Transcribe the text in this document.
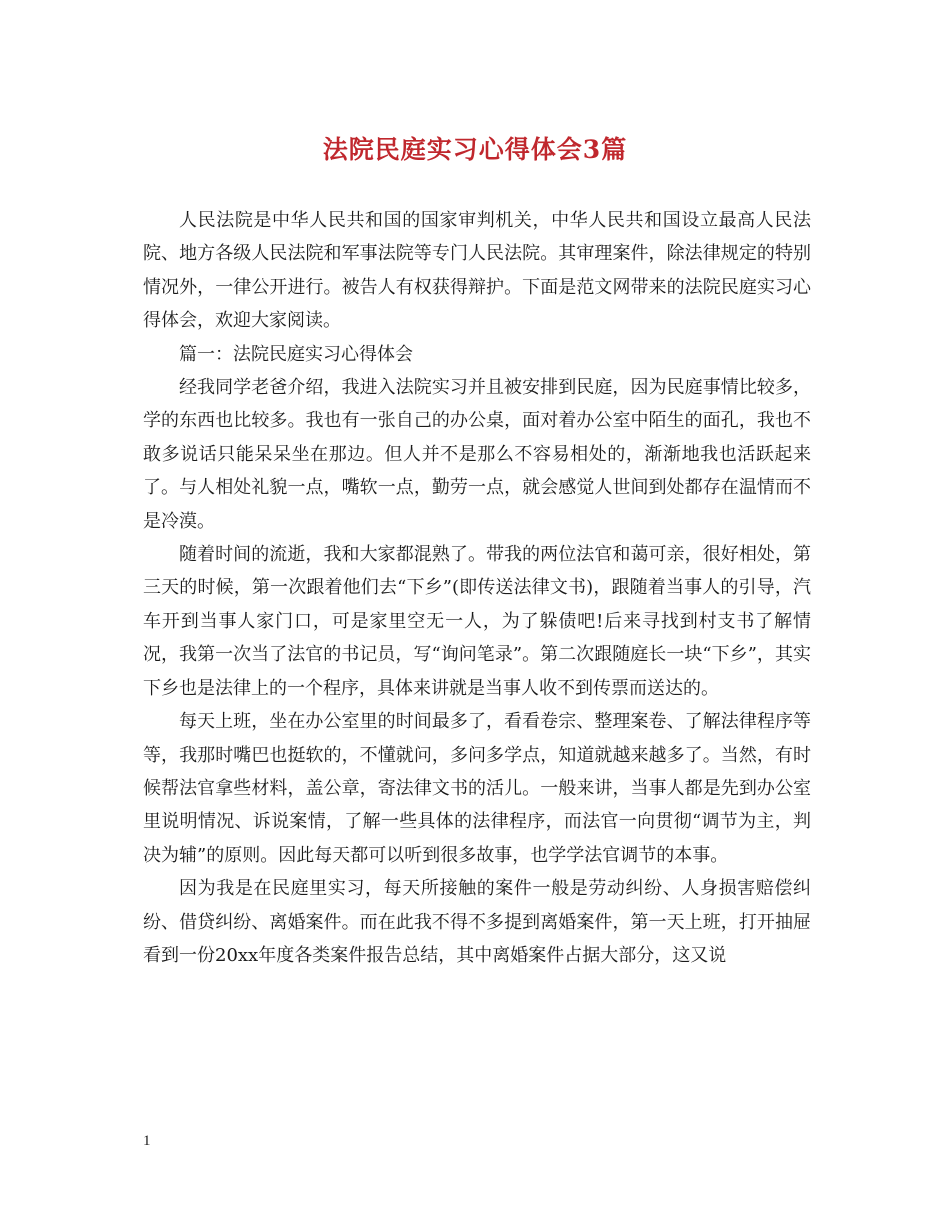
法院民庭实习心得体会3篇

人民法院是中华人民共和国的国家审判机关，中华人民共和国设立最高人民法院、地方各级人民法院和军事法院等专门人民法院。其审理案件，除法律规定的特别情况外，一律公开进行。被告人有权获得辩护。下面是范文网带来的法院民庭实习心得体会，欢迎大家阅读。

篇一：法院民庭实习心得体会

经我同学老爸介绍，我进入法院实习并且被安排到民庭，因为民庭事情比较多，学的东西也比较多。我也有一张自己的办公桌，面对着办公室中陌生的面孔，我也不敢多说话只能呆呆坐在那边。但人并不是那么不容易相处的，渐渐地我也活跃起来了。与人相处礼貌一点，嘴软一点，勤劳一点，就会感觉人世间到处都存在温情而不是冷漠。

随着时间的流逝，我和大家都混熟了。带我的两位法官和蔼可亲，很好相处，第三天的时候，第一次跟着他们去“下乡”(即传送法律文书)，跟随着当事人的引导，汽车开到当事人家门口，可是家里空无一人，为了躲债吧!后来寻找到村支书了解情况，我第一次当了法官的书记员，写“询问笔录”。第二次跟随庭长一块“下乡”，其实下乡也是法律上的一个程序，具体来讲就是当事人收不到传票而送达的。

每天上班，坐在办公室里的时间最多了，看看卷宗、整理案卷、了解法律程序等等，我那时嘴巴也挺软的，不懂就问，多问多学点，知道就越来越多了。当然，有时候帮法官拿些材料，盖公章，寄法律文书的活儿。一般来讲，当事人都是先到办公室里说明情况、诉说案情，了解一些具体的法律程序，而法官一向贯彻“调节为主，判决为辅”的原则。因此每天都可以听到很多故事，也学学法官调节的本事。

因为我是在民庭里实习，每天所接触的案件一般是劳动纠纷、人身损害赔偿纠纷、借贷纠纷、离婚案件。而在此我不得不多提到离婚案件，第一天上班，打开抽屉看到一份20xx年度各类案件报告总结，其中离婚案件占据大部分，这又说

1
